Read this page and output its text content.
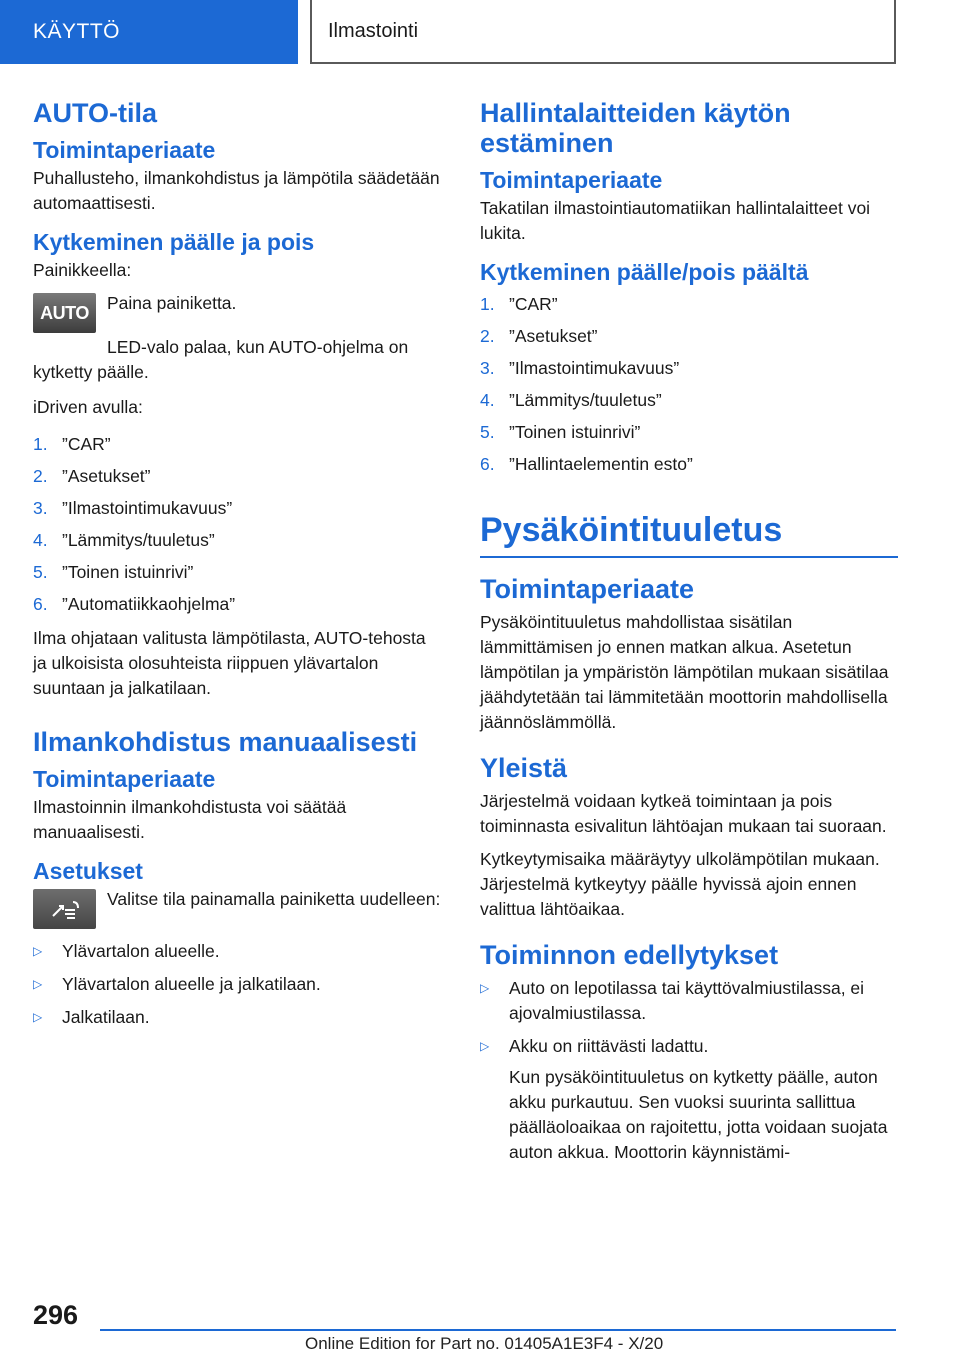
KÄYTTÖ	Ilmastointi
AUTO-tila
Toimintaperiaate

Puhallusteho, ilmankohdistus ja lämpötila säädetään automaattisesti.

Kytkeminen päälle ja pois

Painikkeella:

AUTO	Paina painiketta.

LED-valo palaa, kun AUTO-ohjelma on kytketty päälle.

iDriven avulla:

1. ”CAR”
2. ”Asetukset”
3. ”Ilmastointimukavuus”
4. ”Lämmitys/tuuletus”
5. ”Toinen istuinrivi”
6. ”Automatiikkaohjelma”

Ilma ohjataan valitusta lämpötilasta, AUTO-tehosta ja ulkoisista olosuhteista riippuen ylävartalon suuntaan ja jalkatilaan.

Ilmankohdistus manuaalisesti
Toimintaperiaate

Ilmastoinnin ilmankohdistusta voi säätää manuaalisesti.

Asetukset

Valitse tila painamalla painiketta uudelleen:

▷	Ylävartalon alueelle.
▷	Ylävartalon alueelle ja jalkatilaan.
▷	Jalkatilaan.
Hallintalaitteiden käytön estäminen
Toimintaperiaate

Takatilan ilmastointiautomatiikan hallintalaitteet voi lukita.

Kytkeminen päälle/pois päältä
1. ”CAR”
2. ”Asetukset”
3. ”Ilmastointimukavuus”
4. ”Lämmitys/tuuletus”
5. ”Toinen istuinrivi”
6. ”Hallintaelementin esto”
Pysäköintituuletus
Toimintaperiaate

Pysäköintituuletus mahdollistaa sisätilan lämmittämisen jo ennen matkan alkua. Asetetun lämpötilan ja ympäristön lämpötilan mukaan sisätilaa jäähdytetään tai lämmitetään moottorin mahdollisella jäännöslämmöllä.

Yleistä

Järjestelmä voidaan kytkeä toimintaan ja pois toiminnasta esivalitun lähtöajan mukaan tai suoraan.

Kytkeytymisaika määräytyy ulkolämpötilan mukaan. Järjestelmä kytkeytyy päälle hyvissä ajoin ennen valittua lähtöaikaa.

Toiminnon edellytykset
▷	Auto on lepotilassa tai käyttövalmiustilassa, ei ajovalmiustilassa.
▷	Akku on riittävästi ladattu.

Kun pysäköintituuletus on kytketty päälle, auton akku purkautuu. Sen vuoksi suurinta sallittua päälläoloaikaa on rajoitettu, jotta voidaan suojata auton akkua. Moottorin käynnistämi-

296
Online Edition for Part no. 01405A1E3F4 - X/20
